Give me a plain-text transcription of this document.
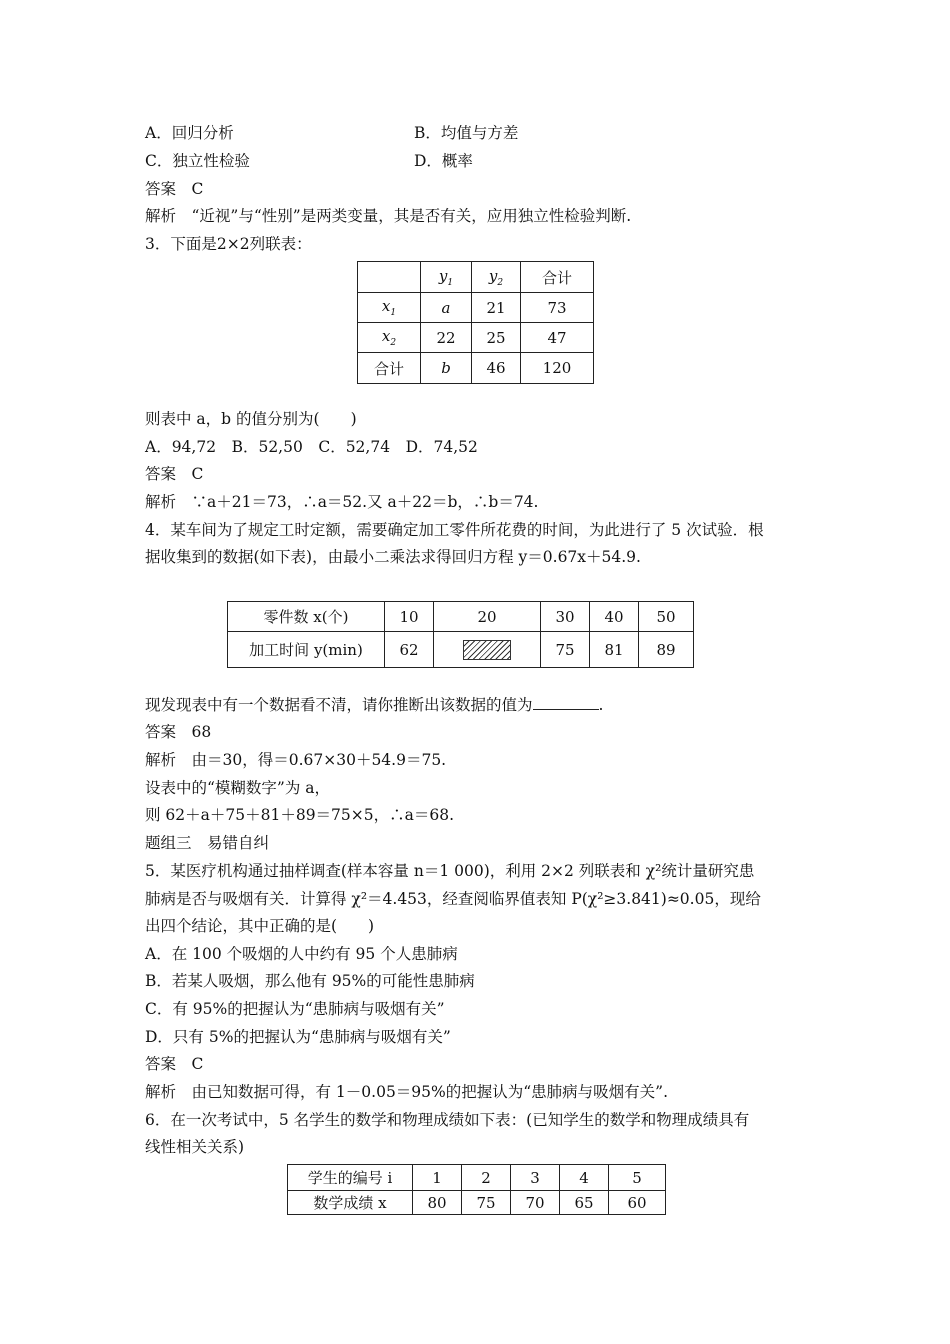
A．回归分析	B．均值与方差
C．独立性检验	D．概率
答案　C
解析　“近视”与“性别”是两类变量，其是否有关，应用独立性检验判断.
3．下面是2×2列联表：
	$y_1$	$y_2$	合计
$x_1$	a	21	73
$x_2$	22	25	47
合计	b	46	120
则表中 a，b 的值分别为(　　)
A．94,72　B．52,50　C．52,74　D．74,52
答案　C
解析　∵a＋21＝73，∴a＝52.又 a＋22＝b，∴b＝74.
4．某车间为了规定工时定额，需要确定加工零件所花费的时间，为此进行了 5 次试验．根
据收集到的数据(如下表)，由最小二乘法求得回归方程 y＝0.67x＋54.9.
零件数 x(个)	10	20	30	40	50
加工时间 y(min)	62		75	81	89
现发现表中有一个数据看不清，请你推断出该数据的值为	.
答案　68
解析　由＝30，得＝0.67×30＋54.9＝75.
设表中的“模糊数字”为 a，
则 62＋a＋75＋81＋89＝75×5，∴a＝68.
题组三　易错自纠
5．某医疗机构通过抽样调查(样本容量 n＝1 000)，利用 2×2 列联表和 χ²统计量研究患
肺病是否与吸烟有关．计算得 χ²＝4.453，经查阅临界值表知 P(χ²≥3.841)≈0.05，现给
出四个结论，其中正确的是(　　)
A．在 100 个吸烟的人中约有 95 个人患肺病
B．若某人吸烟，那么他有 95%的可能性患肺病
C．有 95%的把握认为“患肺病与吸烟有关”
D．只有 5%的把握认为“患肺病与吸烟有关”
答案　C
解析　由已知数据可得，有 1－0.05＝95%的把握认为“患肺病与吸烟有关”.
6．在一次考试中，5 名学生的数学和物理成绩如下表：(已知学生的数学和物理成绩具有
线性相关关系)
学生的编号 i	1	2	3	4	5
数学成绩 x	80	75	70	65	60
